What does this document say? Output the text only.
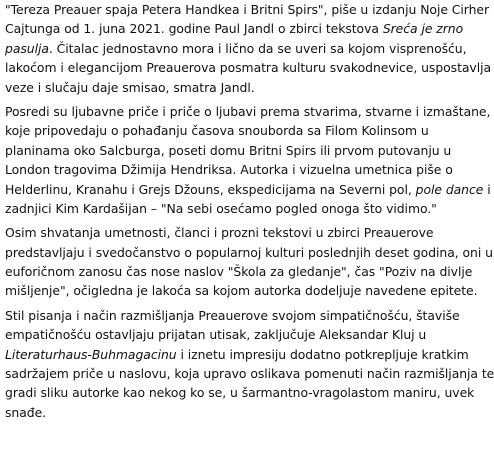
"Tereza Preauer spaja Petera Handkea i Britni Spirs", piše u izdanju Noje Cirher
Cajtunga od 1. juna 2021. godine Paul Jandl o zbirci tekstova Sreća je zrno
pasulja. Čitalac jednostavno mora i lično da se uveri sa kojom visprenošću,
lakoćom i elegancijom Preauerova posmatra kulturu svakodnevice, uspostavlja
veze i slučaju daje smisao, smatra Jandl.
Posredi su ljubavne priče i priče o ljubavi prema stvarima, stvarne i izmaštane,
koje pripovedaju o pohađanju časova snouborda sa Filom Kolinsom u
planinama oko Salcburga, poseti domu Britni Spirs ili prvom putovanju u
London tragovima Džimija Hendriksa. Autorka i vizuelna umetnica piše o
Helderlinu, Kranahu i Grejs Džouns, ekspedicijama na Severni pol, pole dance i
zadnjici Kim Kardašijan – "Na sebi osećamo pogled onoga što vidimo."
Osim shvatanja umetnosti, članci i prozni tekstovi u zbirci Preauerove
predstavljaju i svedočanstvo o popularnoj kulturi poslednjih deset godina, oni u
euforičnom zanosu čas nose naslov "Škola za gledanje", čas "Poziv na divlje
mišljenje", očigledna je lakoća sa kojom autorka dodeljuje navedene epitete.
Stil pisanja i način razmišljanja Preauerove svojom simpatičnošću, štaviše
empatičnošću ostavljaju prijatan utisak, zaključuje Aleksandar Kluj u
Literaturhaus-Buhmagacinu i iznetu impresiju dodatno potkrepljuje kratkim
sadržajem priče u naslovu, koja upravo oslikava pomenuti način razmišljanja te
gradi sliku autorke kao nekog ko se, u šarmantno-vragolastom maniru, uvek
snađe.
